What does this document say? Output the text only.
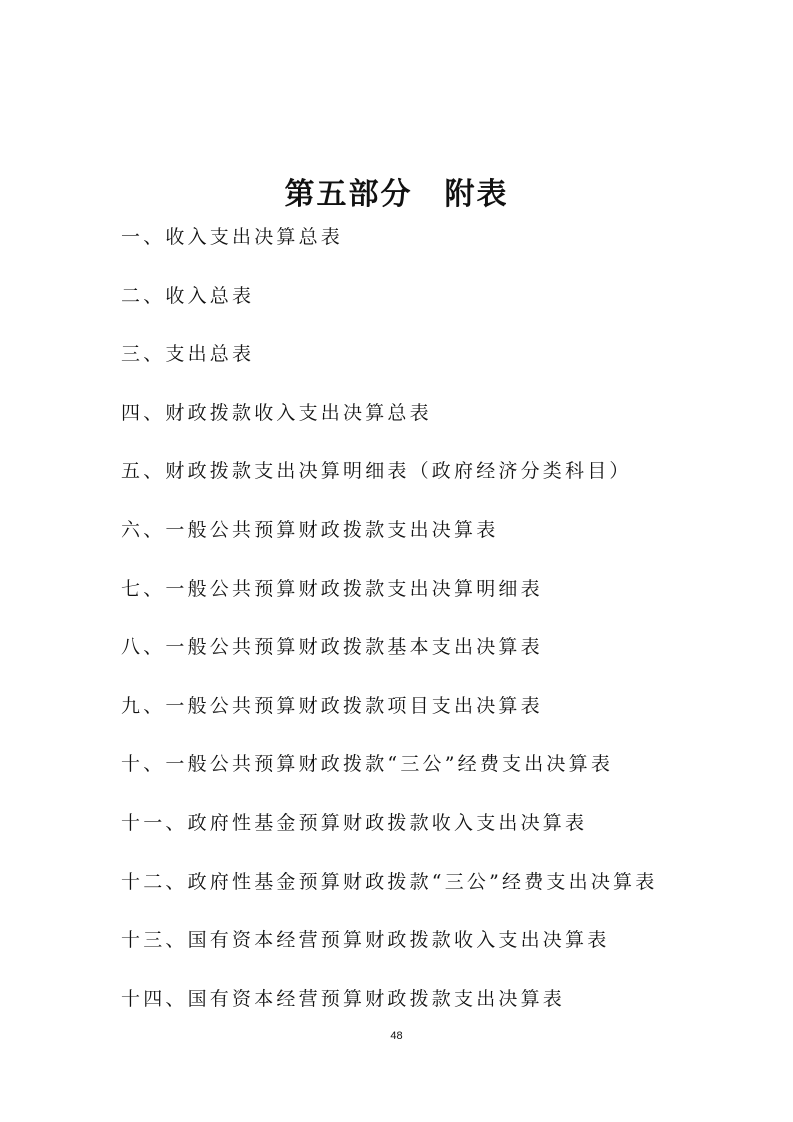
第五部分　附表
一、收入支出决算总表
二、收入总表
三、支出总表
四、财政拨款收入支出决算总表
五、财政拨款支出决算明细表（政府经济分类科目）
六、一般公共预算财政拨款支出决算表
七、一般公共预算财政拨款支出决算明细表
八、一般公共预算财政拨款基本支出决算表
九、一般公共预算财政拨款项目支出决算表
十、一般公共预算财政拨款“三公”经费支出决算表
十一、政府性基金预算财政拨款收入支出决算表
十二、政府性基金预算财政拨款“三公”经费支出决算表
十三、国有资本经营预算财政拨款收入支出决算表
十四、国有资本经营预算财政拨款支出决算表
48
